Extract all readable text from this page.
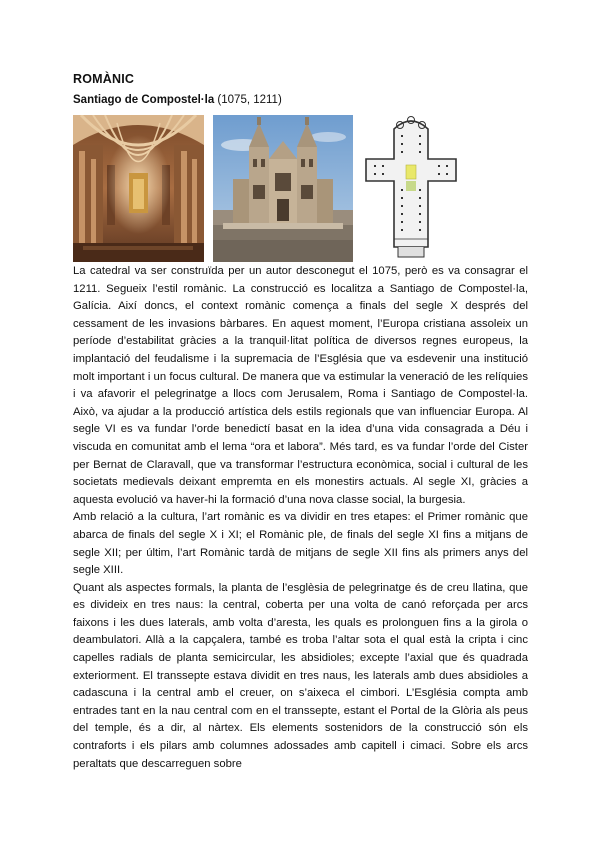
ROMÀNIC
Santiago de Compostel·la (1075, 1211)

La catedral va ser construïda per un autor desconegut el 1075, però es va consagrar el 1211. Segueix l’estil romànic. La construcció es localitza a Santiago de Compostel·la, Galícia. Així doncs, el context romànic comença a finals del segle X després del cessament de les invasions bàrbares. En aquest moment, l’Europa cristiana assoleix un període d’estabilitat gràcies a la tranquil·litat política de diversos regnes europeus, la implantació del feudalisme i la supremacia de l’Església que va esdevenir una institució molt important i un focus cultural. De manera que va estimular la veneració de les relíquies i va afavorir el pelegrinatge a llocs com Jerusalem, Roma i Santiago de Compostel·la. Això, va ajudar a la producció artística dels estils regionals que van influenciar Europa. Al segle VI es va fundar l’orde benedictí basat en la idea d’una vida consagrada a Déu i viscuda en comunitat amb el lema “ora et labora”. Més tard, es va fundar l’orde del Cister per Bernat de Claravall, que va transformar l’estructura econòmica, social i cultural de les societats medievals deixant empremta en els monestirs actuals. Al segle XI, gràcies a aquesta evolució va haver-hi la formació d’una nova classe social, la burgesia.

Amb relació a la cultura, l’art romànic es va dividir en tres etapes: el Primer romànic que abarca de finals del segle X i XI; el Romànic ple, de finals del segle XI fins a mitjans de segle XII; per últim, l’art Romànic tardà de mitjans de segle XII fins als primers anys del segle XIII.

Quant als aspectes formals, la planta de l’esglèsia de pelegrinatge és de creu llatina, que es divideix en tres naus: la central, coberta per una volta de canó reforçada per arcs faixons i les dues laterals, amb volta d’aresta, les quals es prolonguen fins a la girola o deambulatori. Allà a la capçalera, també es troba l’altar sota el qual està la cripta i cinc capelles radials de planta semicircular, les absidioles; excepte l’axial que és quadrada exteriorment. El transsepte estava dividit en tres naus, les laterals amb dues absidioles a cadascuna i la central amb el creuer, on s’aixeca el cimbori. L’Església compta amb entrades tant en la nau central com en el transsepte, estant el Portal de la Glòria als peus del temple, és a dir, al nàrtex. Els elements sostenidors de la construcció són els contraforts i els pilars amb columnes adossades amb capitell i cimaci. Sobre els arcs peraltats que descarreguen sobre
